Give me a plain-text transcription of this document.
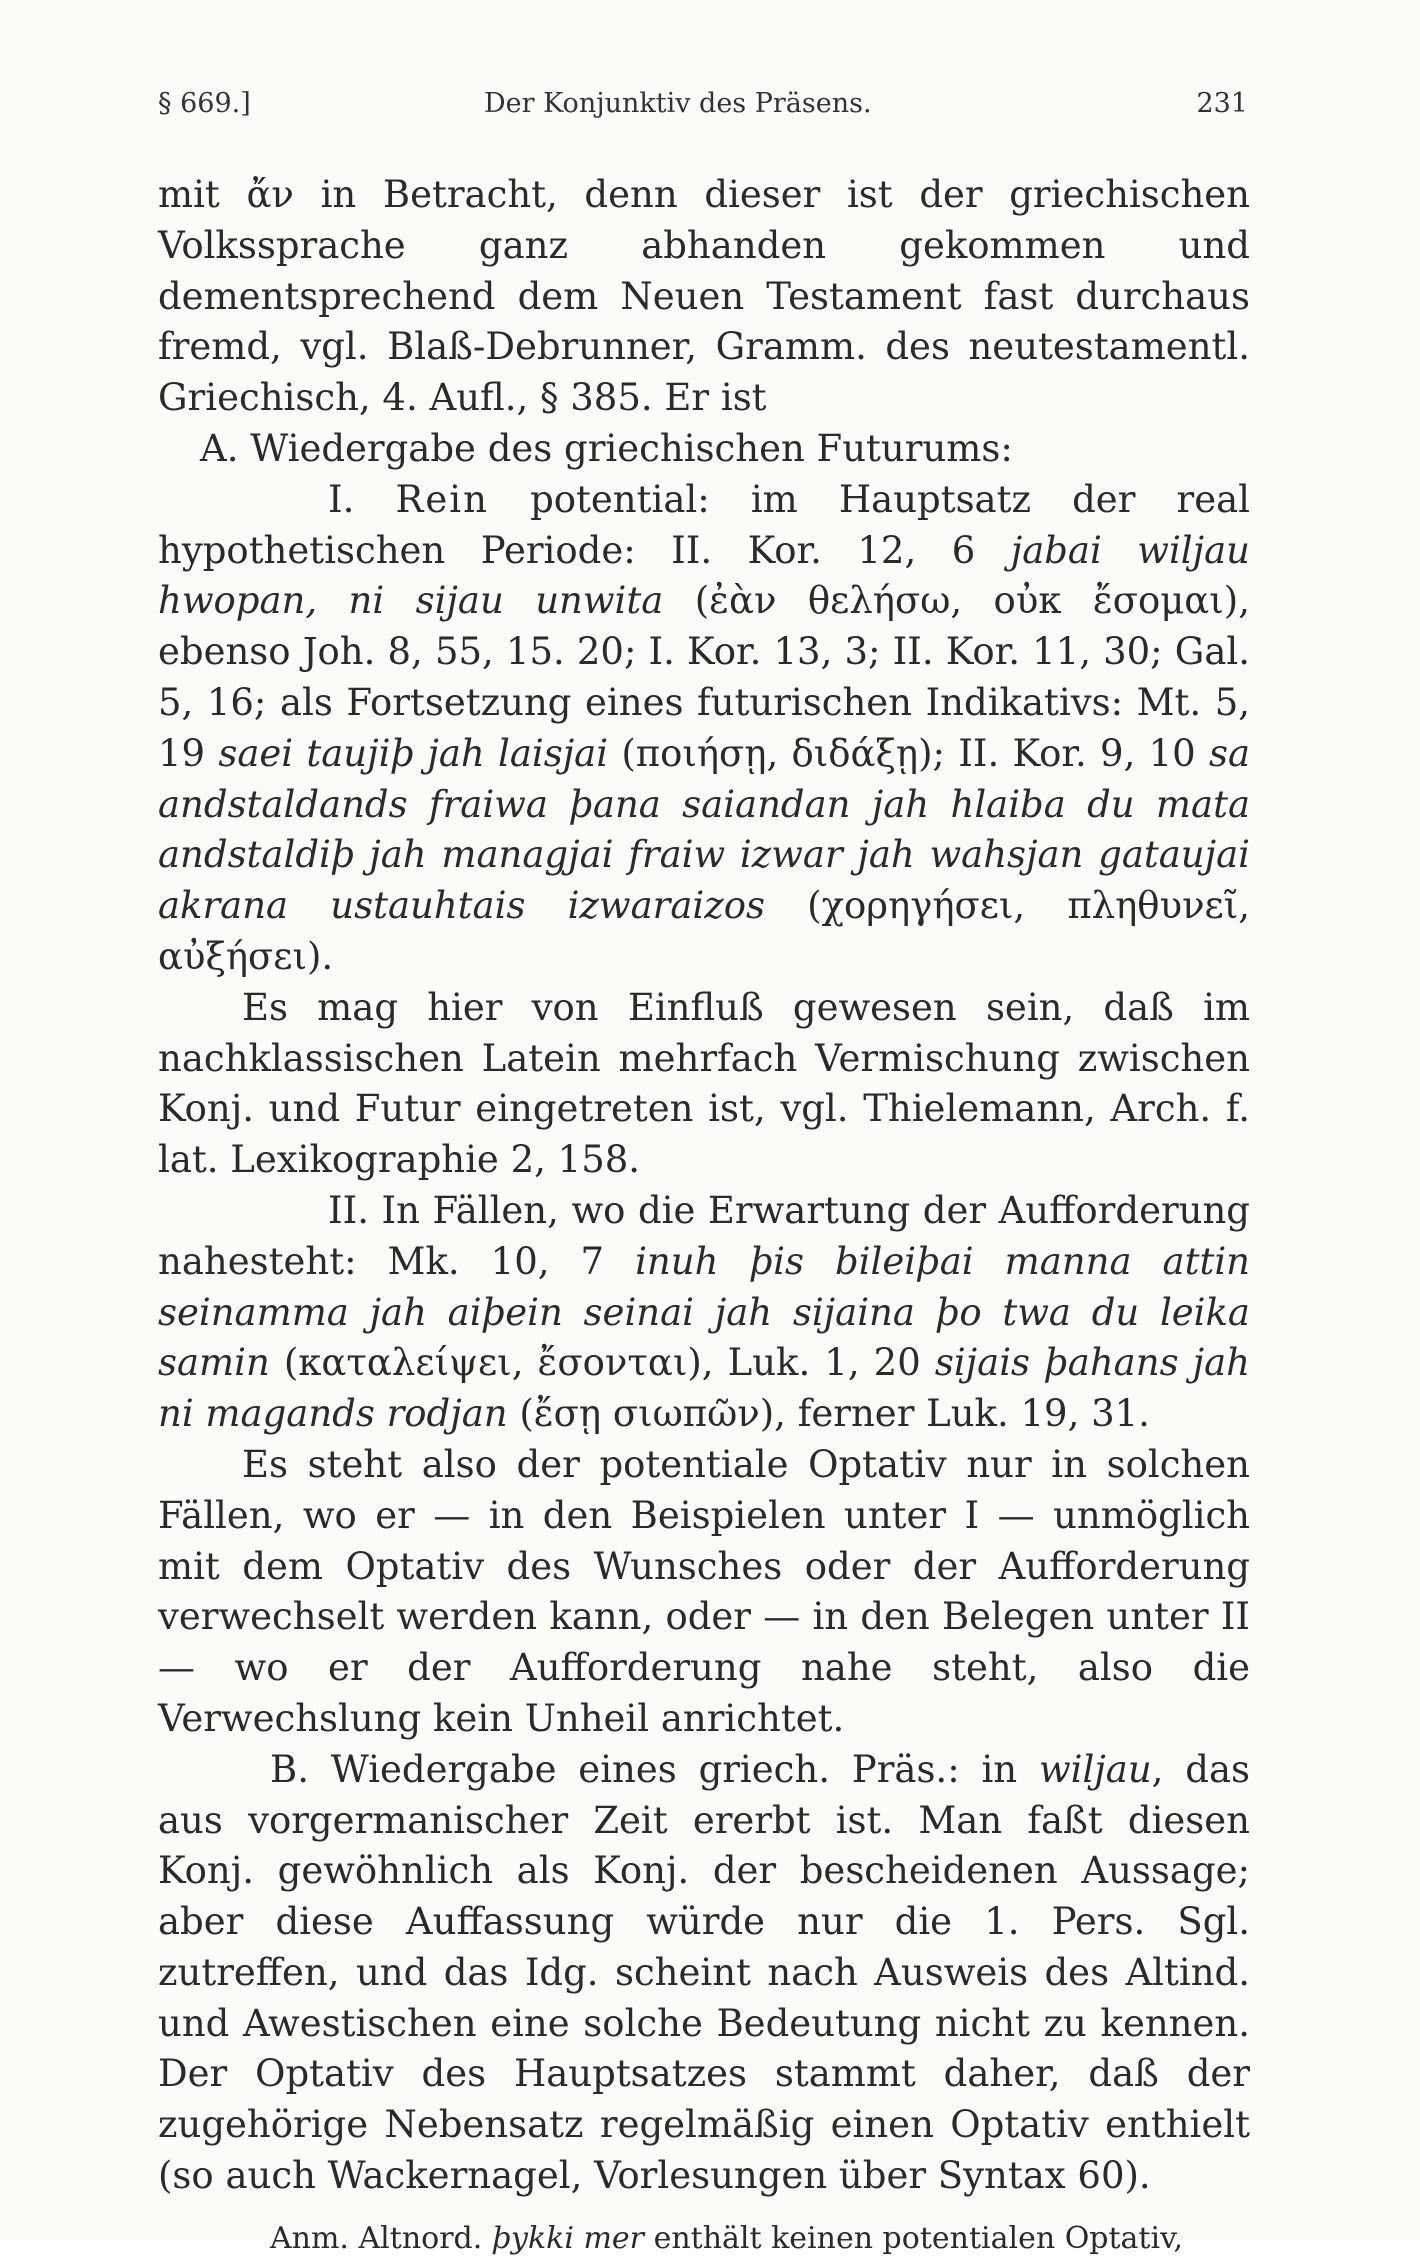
§ 669.]	Der Konjunktiv des Präsens.	231

mit ἄν in Betracht, denn dieser ist der griechischen Volkssprache ganz abhanden gekommen und dementsprechend dem Neuen Testament fast durchaus fremd, vgl. Blaß-Debrunner, Gramm. des neutestamentl. Griechisch, 4. Aufl., § 385. Er ist

A. Wiedergabe des griechischen Futurums:

I. Rein potential: im Hauptsatz der real hypothetischen Periode: II. Kor. 12, 6 jabai wiljau hwopan, ni sijau unwita (ἐὰν θελήσω, οὐκ ἔσομαι), ebenso Joh. 8, 55, 15. 20; I. Kor. 13, 3; II. Kor. 11, 30; Gal. 5, 16; als Fortsetzung eines futurischen Indikativs: Mt. 5, 19 saei taujiþ jah laisjai (ποιήσῃ, διδάξῃ); II. Kor. 9, 10 sa andstaldands fraiwa þana saiandan jah hlaiba du mata andstaldiþ jah managjai fraiw izwar jah wahsjan gataujai akrana ustauhtais izwaraizos (χορηγήσει, πληθυνεῖ, αὐξήσει).

Es mag hier von Einfluß gewesen sein, daß im nachklassischen Latein mehrfach Vermischung zwischen Konj. und Futur eingetreten ist, vgl. Thielemann, Arch. f. lat. Lexikographie 2, 158.

II. In Fällen, wo die Erwartung der Aufforderung nahesteht: Mk. 10, 7 inuh þis bileiþai manna attin seinamma jah aiþein seinai jah sijaina þo twa du leika samin (καταλείψει, ἔσονται), Luk. 1, 20 sijais þahans jah ni magands rodjan (ἔσῃ σιωπῶν), ferner Luk. 19, 31.

Es steht also der potentiale Optativ nur in solchen Fällen, wo er — in den Beispielen unter I — unmöglich mit dem Optativ des Wunsches oder der Aufforderung verwechselt werden kann, oder — in den Belegen unter II — wo er der Aufforderung nahe steht, also die Verwechslung kein Unheil anrichtet.

B. Wiedergabe eines griech. Präs.: in wiljau, das aus vorgermanischer Zeit ererbt ist. Man faßt diesen Konj. gewöhnlich als Konj. der bescheidenen Aussage; aber diese Auffassung würde nur die 1. Pers. Sgl. zutreffen, und das Idg. scheint nach Ausweis des Altind. und Awestischen eine solche Bedeutung nicht zu kennen. Der Optativ des Hauptsatzes stammt daher, daß der zugehörige Nebensatz regelmäßig einen Optativ enthielt (so auch Wackernagel, Vorlesungen über Syntax 60).

Anm. Altnord. þykki mer enthält keinen potentialen Optativ,
